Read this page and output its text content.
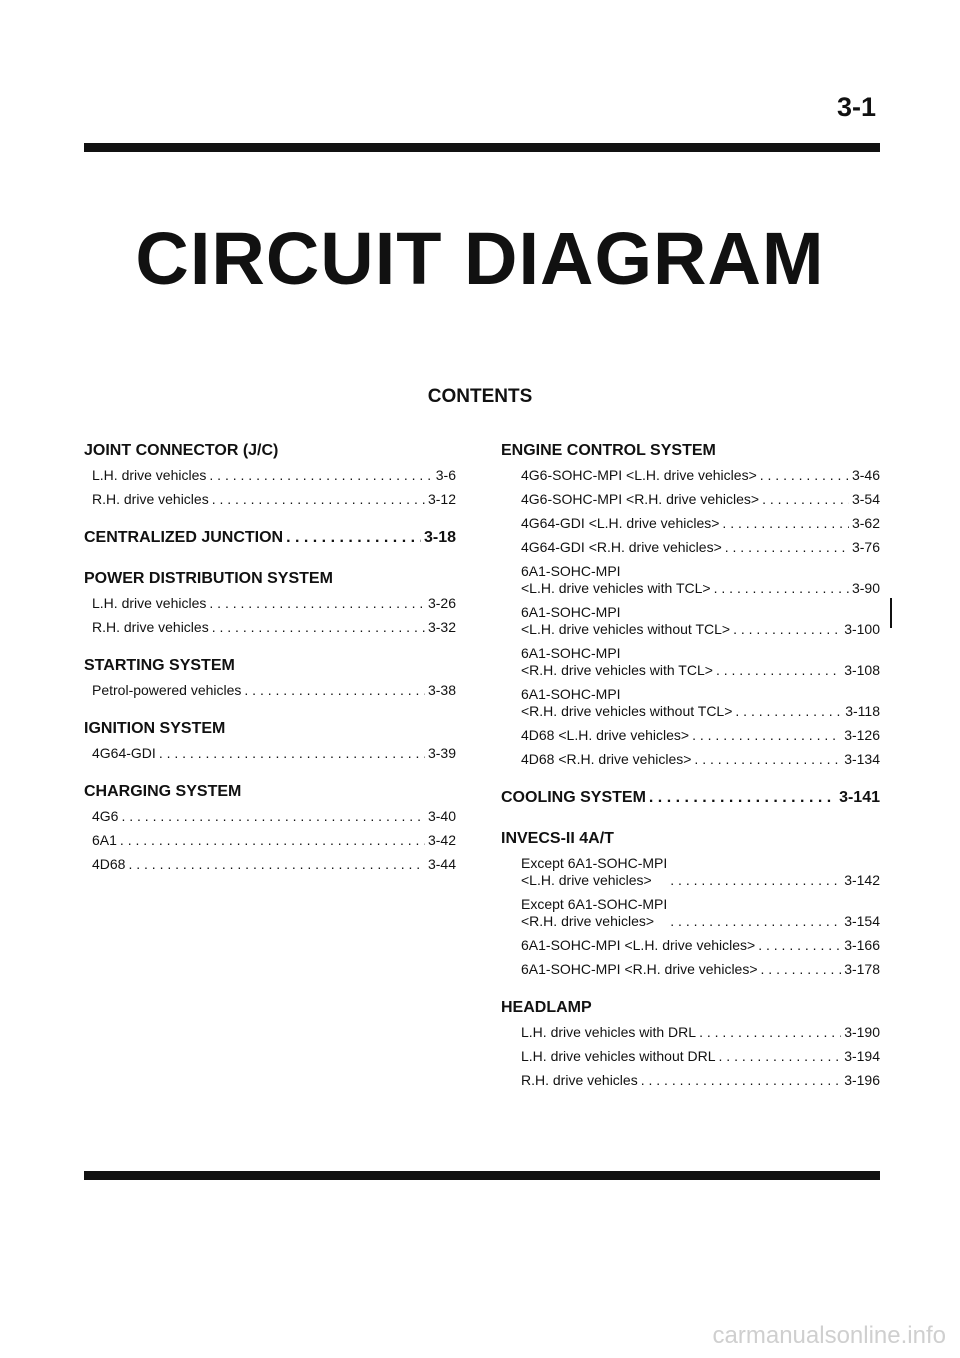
3-1
CIRCUIT DIAGRAM
CONTENTS
JOINT CONNECTOR (J/C)
L.H. drive vehicles . . .	3-6
R.H. drive vehicles . . .	3-12
CENTRALIZED JUNCTION . . .	3-18
POWER DISTRIBUTION SYSTEM
L.H. drive vehicles . . .	3-26
R.H. drive vehicles . . .	3-32
STARTING SYSTEM
Petrol-powered vehicles . . .	3-38
IGNITION SYSTEM
4G64-GDI . . .	3-39
CHARGING SYSTEM
4G6 . . .	3-40
6A1 . . .	3-42
4D68 . . .	3-44
ENGINE CONTROL SYSTEM
4G6-SOHC-MPI <L.H. drive vehicles> . . .	3-46
4G6-SOHC-MPI <R.H. drive vehicles> . . .	3-54
4G64-GDI <L.H. drive vehicles> . . .	3-62
4G64-GDI <R.H. drive vehicles> . . .	3-76
6A1-SOHC-MPI
<L.H. drive vehicles with TCL> . . .	3-90
6A1-SOHC-MPI
<L.H. drive vehicles without TCL> . . .	3-100
6A1-SOHC-MPI
<R.H. drive vehicles with TCL> . . .	3-108
6A1-SOHC-MPI
<R.H. drive vehicles without TCL> . . .	3-118
4D68 <L.H. drive vehicles> . . .	3-126
4D68 <R.H. drive vehicles> . . .	3-134
COOLING SYSTEM . . .	3-141
INVECS-II 4A/T
Except 6A1-SOHC-MPI
<L.H. drive vehicles> . . .	3-142
Except 6A1-SOHC-MPI
<R.H. drive vehicles> . . .	3-154
6A1-SOHC-MPI <L.H. drive vehicles> . . .	3-166
6A1-SOHC-MPI <R.H. drive vehicles> . . .	3-178
HEADLAMP
L.H. drive vehicles with DRL . . .	3-190
L.H. drive vehicles without DRL . . .	3-194
R.H. drive vehicles . . .	3-196
carmanualsonline.info
